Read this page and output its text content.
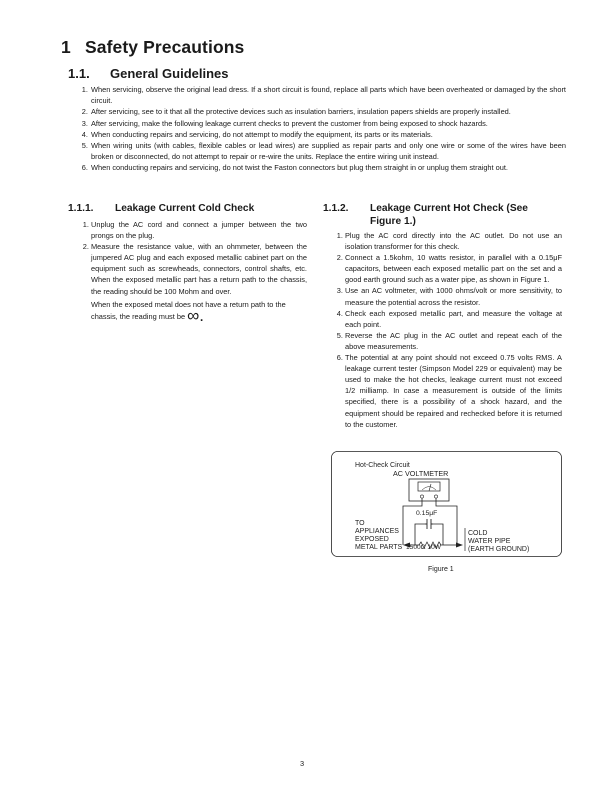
1 Safety Precautions
1.1. General Guidelines
1. When servicing, observe the original lead dress. If a short circuit is found, replace all parts which have been overheated or damaged by the short circuit.
2. After servicing, see to it that all the protective devices such as insulation barriers, insulation papers shields are properly installed.
3. After servicing, make the following leakage current checks to prevent the customer from being exposed to shock hazards.
4. When conducting repairs and servicing, do not attempt to modify the equipment, its parts or its materials.
5. When wiring units (with cables, flexible cables or lead wires) are supplied as repair parts and only one wire or some of the wires have been broken or disconnected, do not attempt to repair or re-wire the units. Replace the entire wiring unit instead.
6. When conducting repairs and servicing, do not twist the Faston connectors but plug them straight in or unplug them straight out.
1.1.1. Leakage Current Cold Check
1. Unplug the AC cord and connect a jumper between the two prongs on the plug.
2. Measure the resistance value, with an ohmmeter, between the jumpered AC plug and each exposed metallic cabinet part on the equipment such as screwheads, connectors, control shafts, etc. When the exposed metallic part has a return path to the chassis, the reading should be 100 Mohm and over.
When the exposed metal does not have a return path to the chassis, the reading must be ∞.
1.1.2. Leakage Current Hot Check (See
Figure 1.)
1. Plug the AC cord directly into the AC outlet. Do not use an isolation transformer for this check.
2. Connect a 1.5kohm, 10 watts resistor, in parallel with a 0.15μF capacitors, between each exposed metallic part on the set and a good earth ground such as a water pipe, as shown in Figure 1.
3. Use an AC voltmeter, with 1000 ohms/volt or more sensitivity, to measure the potential across the resistor.
4. Check each exposed metallic part, and measure the voltage at each point.
5. Reverse the AC plug in the AC outlet and repeat each of the above measurements.
6. The potential at any point should not exceed 0.75 volts RMS. A leakage current tester (Simpson Model 229 or equivalent) may be used to make the hot checks, leakage current must not exceed 1/2 milliamp. In case a measurement is outside of the limits specified, there is a possibility of a shock hazard, and the equipment should be repaired and rechecked before it is returned to the customer.
Hot-Check Circuit
AC VOLTMETER
0.15μF
TO
APPLIANCES
EXPOSED
METAL PARTS 1500Ω 10W
COLD
WATER PIPE
(EARTH GROUND)
Figure 1
3
